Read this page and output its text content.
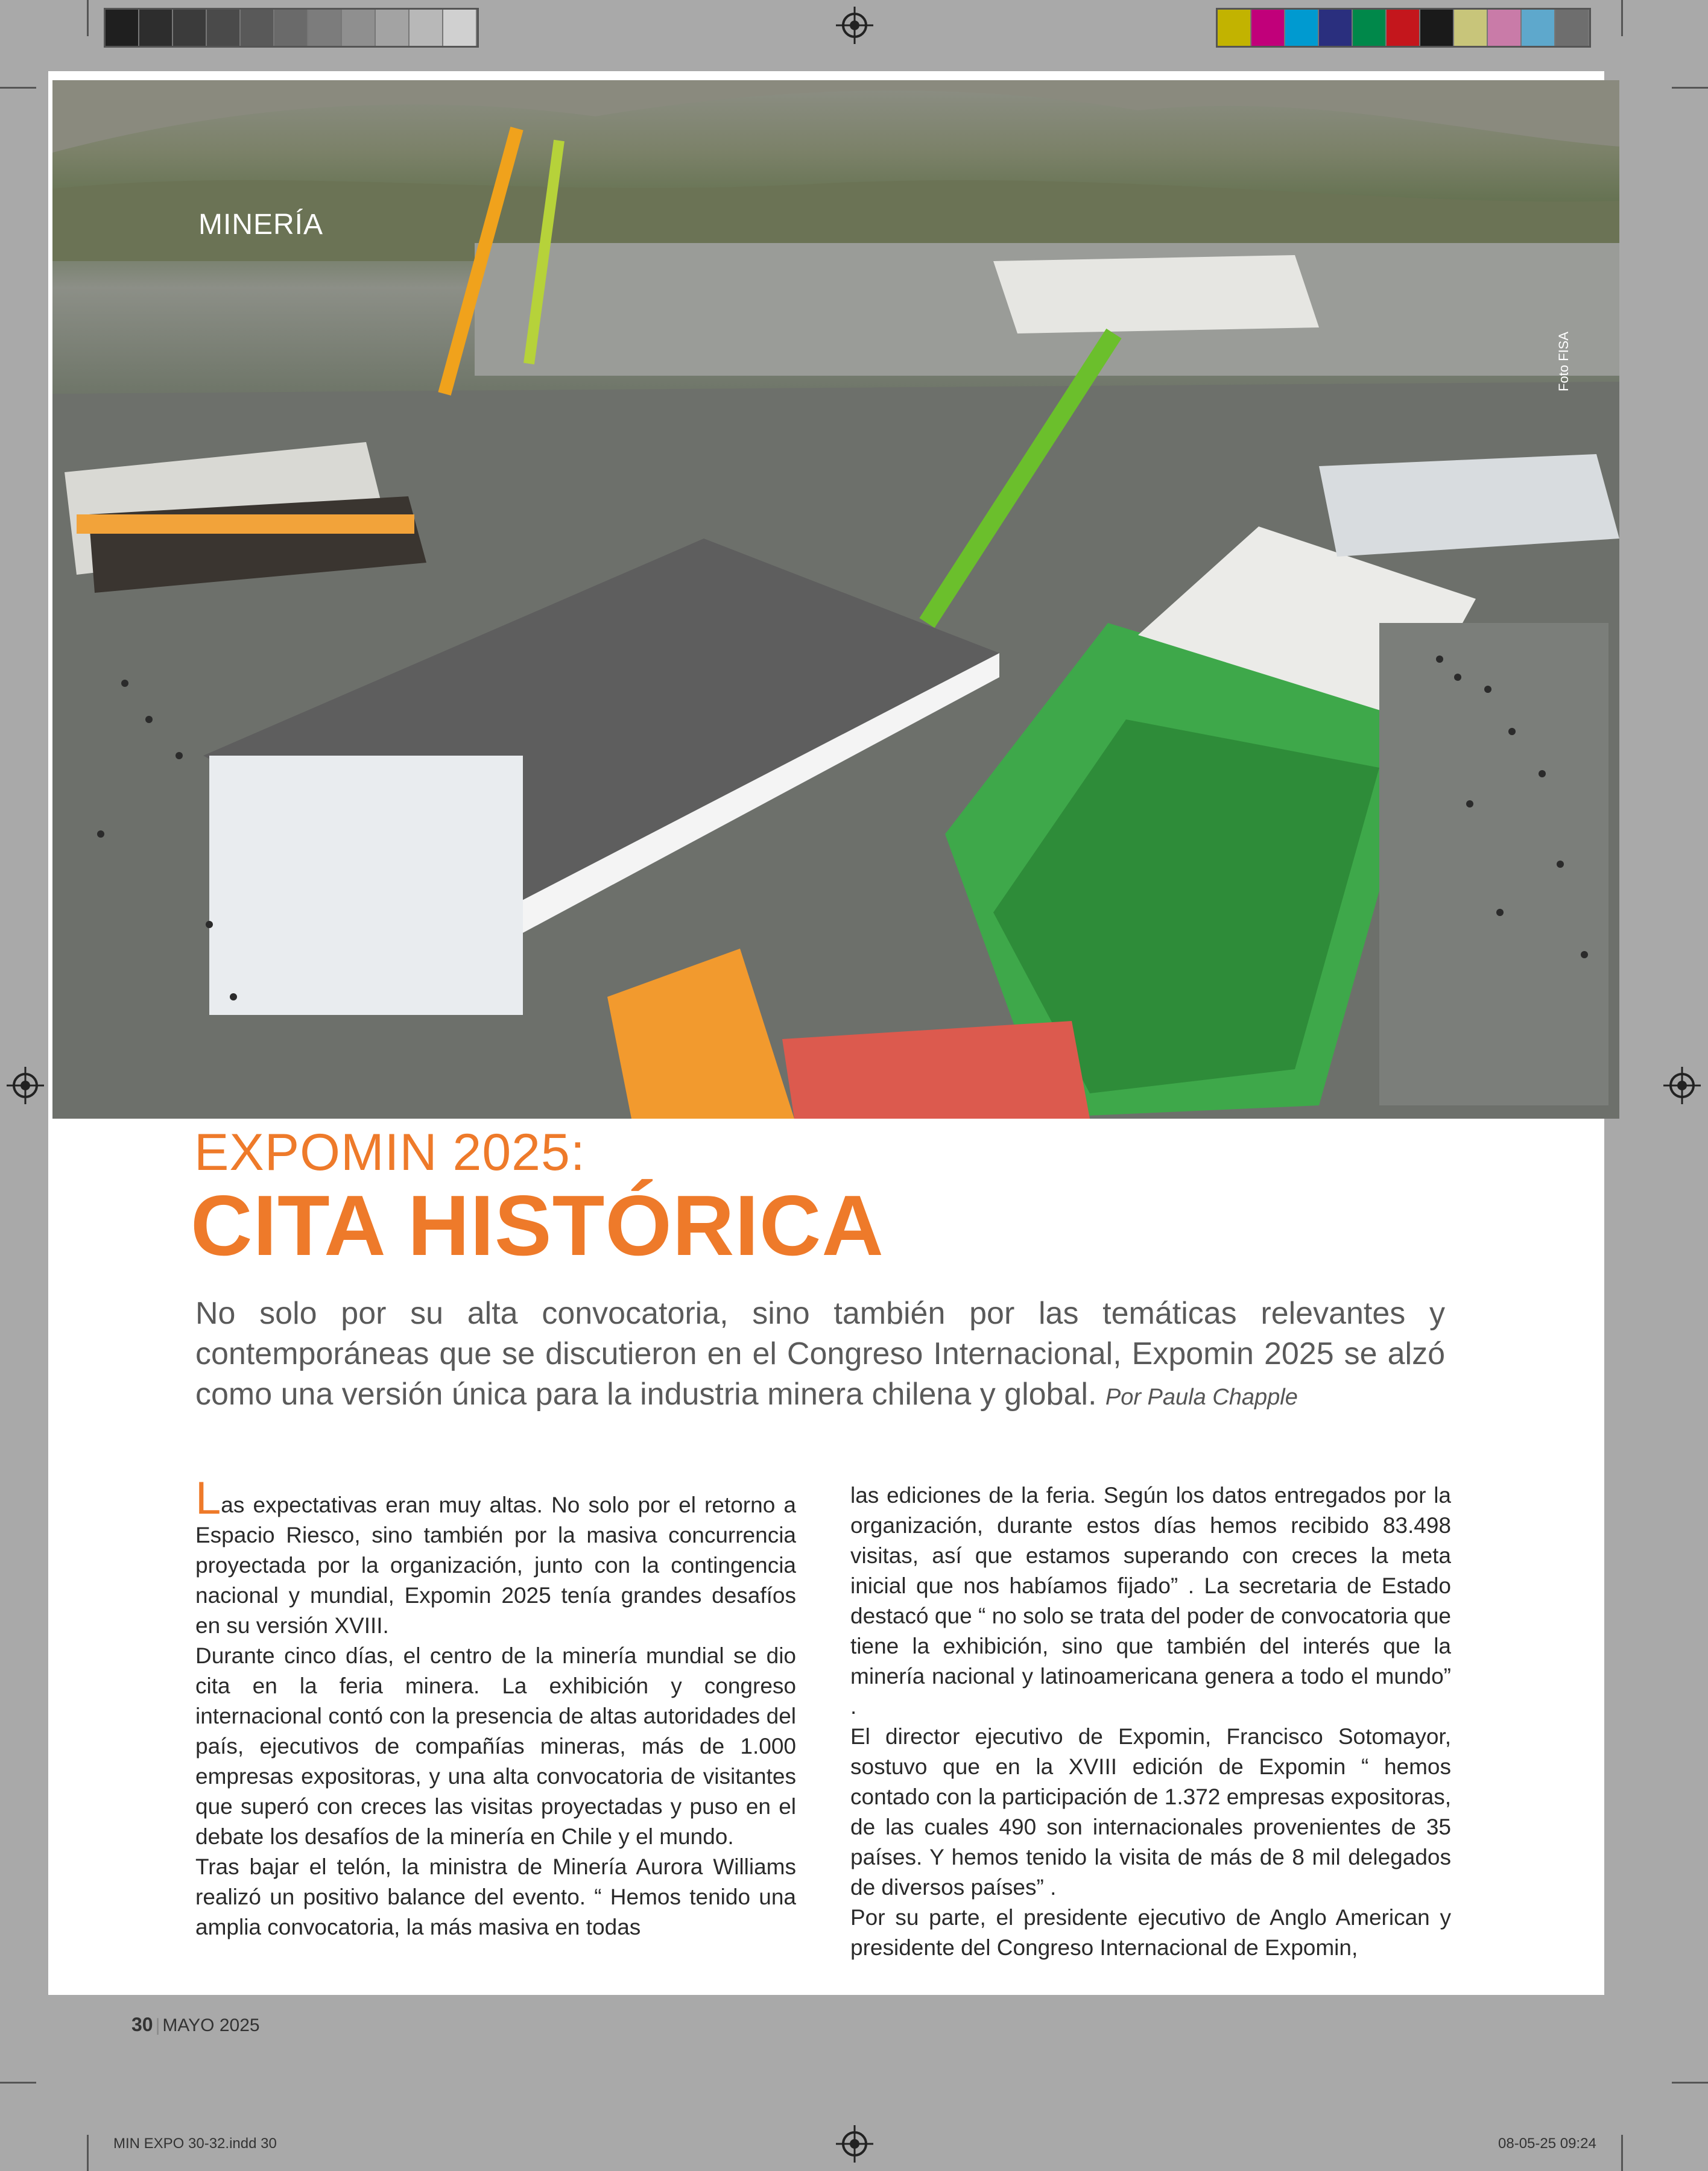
MINERÍA
Foto FISA
EXPOMIN 2025:
CITA HISTÓRICA

No solo por su alta convocatoria, sino también por las temáticas relevantes y contemporáneas que se discutieron en el Congreso Internacional, Expomin 2025 se alzó como una versión única para la industria minera chilena y global. Por Paula Chapple

Las expectativas eran muy altas. No solo por el retorno a Espacio Riesco, sino también por la masiva concurrencia proyectada por la organización, junto con la contingencia nacional y mundial, Expomin 2025 tenía grandes desafíos en su versión XVIII.

Durante cinco días, el centro de la minería mundial se dio cita en la feria minera. La exhibición y congreso internacional contó con la presencia de altas autoridades del país, ejecutivos de compañías mineras, más de 1.000 empresas expositoras, y una alta convocatoria de visitantes que superó con creces las visitas proyectadas y puso en el debate los desafíos de la minería en Chile y el mundo.

Tras bajar el telón, la ministra de Minería Aurora Williams realizó un positivo balance del evento. “ Hemos tenido una amplia convocatoria, la más masiva en todas

las ediciones de la feria. Según los datos entregados por la organización, durante estos días hemos recibido 83.498 visitas, así que estamos superando con creces la meta inicial que nos habíamos fijado” . La secretaria de Estado destacó que “ no solo se trata del poder de convocatoria que tiene la exhibición, sino que también del interés que la minería nacional y latinoamericana genera a todo el mundo” .

El director ejecutivo de Expomin, Francisco Sotomayor, sostuvo que en la XVIII edición de Expomin “ hemos contado con la participación de 1.372 empresas expositoras, de las cuales 490 son internacionales provenientes de 35 países. Y hemos tenido la visita de más de 8 mil delegados de diversos países” .

Por su parte, el presidente ejecutivo de Anglo American y presidente del Congreso Internacional de Expomin,

30 | MAYO 2025
MIN EXPO 30-32.indd 30	08-05-25 09:24
